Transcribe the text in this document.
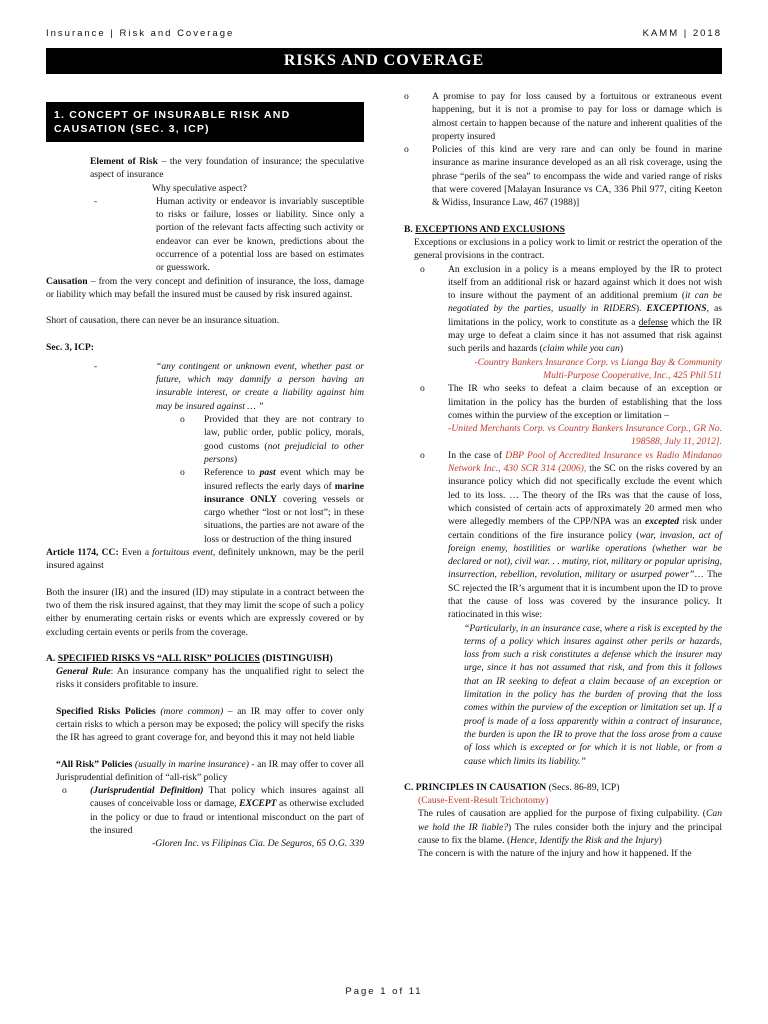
Insurance | Risk and Coverage	KAMM | 2018
RISKS AND COVERAGE
1. CONCEPT OF INSURABLE RISK AND CAUSATION (SEC. 3, ICP)

Element of Risk – the very foundation of insurance; the speculative aspect of insurance

Why speculative aspect?

-	Human activity or endeavor is invariably susceptible to risks or failure, losses or liability. Since only a portion of the relevant facts affecting such activity or endeavor can ever be known, predictions about the occurrence of a potential loss are based on estimates or guesswork.

Causation – from the very concept and definition of insurance, the loss, damage or liability which may befall the insured must be caused by risk insured against.

Short of causation, there can never be an insurance situation.

Sec. 3, ICP:

-	“any contingent or unknown event, whether past or future, which may damnify a person having an insurable interest, or create a liability against him may be insured against … ”
o Provided that they are not contrary to law, public order, public policy, morals, good customs (not prejudicial to other persons)
o Reference to past event which may be insured reflects the early days of marine insurance ONLY covering vessels or cargo whether “lost or not lost”; in these situations, the parties are not aware of the loss or destruction of the thing insured

Article 1174, CC: Even a fortuitous event, definitely unknown, may be the peril insured against

Both the insurer (IR) and the insured (ID) may stipulate in a contract between the two of them the risk insured against, that they may limit the scope of such a policy either by enumerating certain risks or events which are expressly covered or by excluding certain events or perils from the coverage.

A. SPECIFIED RISKS VS “ALL RISK” POLICIES (DISTINGUISH)

General Rule: An insurance company has the unqualified right to select the risks it considers profitable to insure.

Specified Risks Policies (more common) – an IR may offer to cover only certain risks to which a person may be exposed; the policy will specify the risks the IR has agreed to grant coverage for, and beyond this it may not held liable

“All Risk” Policies (usually in marine insurance) - an IR may offer to cover all Jurisprudential definition of “all-risk” policy

o (Jurisprudential Definition) That policy which insures against all causes of conceivable loss or damage, EXCEPT as otherwise excluded in the policy or due to fraud or intentional misconduct on the part of the insured

-Gloren Inc. vs Filipinas Cia. De Seguros, 65 O.G. 339

o A promise to pay for loss caused by a fortuitous or extraneous event happening, but it is not a promise to pay for loss or damage which is almost certain to happen because of the nature and inherent qualities of the property insured
o Policies of this kind are very rare and can only be found in marine insurance as marine insurance developed as an all risk coverage, using the phrase “perils of the sea” to encompass the wide and varied range of risks that were covered [Malayan Insurance vs CA, 336 Phil 977, citing Keeton & Widiss, Insurance Law, 467 (1988)]

B. EXCEPTIONS AND EXCLUSIONS

Exceptions or exclusions in a policy work to limit or restrict the operation of the general provisions in the contract.

o An exclusion in a policy is a means employed by the IR to protect itself from an additional risk or hazard against which it does not wish to insure without the payment of an additional premium (it can be negotiated by the parties, usually in RIDERS). EXCEPTIONS, as limitations in the policy, work to constitute as a defense which the IR may urge to defeat a claim since it has not assumed that risk against such perils and hazards (claim while you can)

-Country Bankers Insurance Corp. vs Lianga Bay & Community Multi-Purpose Cooperative, Inc., 425 Phil 511

o The IR who seeks to defeat a claim because of an exception or limitation in the policy has the burden of establishing that the loss comes within the purview of the exception or limitation –

-United Merchants Corp. vs Country Bankers Insurance Corp., GR No. 198588, July 11, 2012].

o In the case of DBP Pool of Accredited Insurance vs Radio Mindanao Network Inc., 430 SCR 314 (2006), the SC on the risks covered by an insurance policy which did not specifically exclude the event which led to its loss. … The theory of the IRs was that the cause of loss, which consisted of certain acts of approximately 20 armed men who were allegedly members of the CPP/NPA was an excepted risk under certain conditions of the fire insurance policy (war, invasion, act of foreign enemy, hostilities or warlike operations (whether war be declared or not), civil war. . . mutiny, riot, military or popular uprising, insurrection, rebellion, revolution, military or usurped power”… The SC rejected the IR’s argument that it is incumbent upon the ID to prove that the cause of loss was covered by the insurance policy. It ratiocinated in this wise:

“Particularly, in an insurance case, where a risk is excepted by the terms of a policy which insures against other perils or hazards, loss from such a risk constitutes a defense which the insurer may urge, since it has not assumed that risk, and from this it follows that an IR seeking to defeat a claim because of an exception or limitation in the policy has the burden of proving that the loss comes within the purview of the exception or limitation set up. If a proof is made of a loss apparently within a contract of insurance, the burden is upon the IR to prove that the loss arose from a cause of loss which is excepted or for which it is not liable, or from a cause which limits its liability.”

C. PRINCIPLES IN CAUSATION (Secs. 86-89, ICP)

(Cause-Event-Result Trichotomy)

The rules of causation are applied for the purpose of fixing culpability. (Can we hold the IR liable?) The rules consider both the injury and the principal cause to fix the blame. (Hence, Identify the Risk and the Injury)

The concern is with the nature of the injury and how it happened. If the

Page 1 of 11
